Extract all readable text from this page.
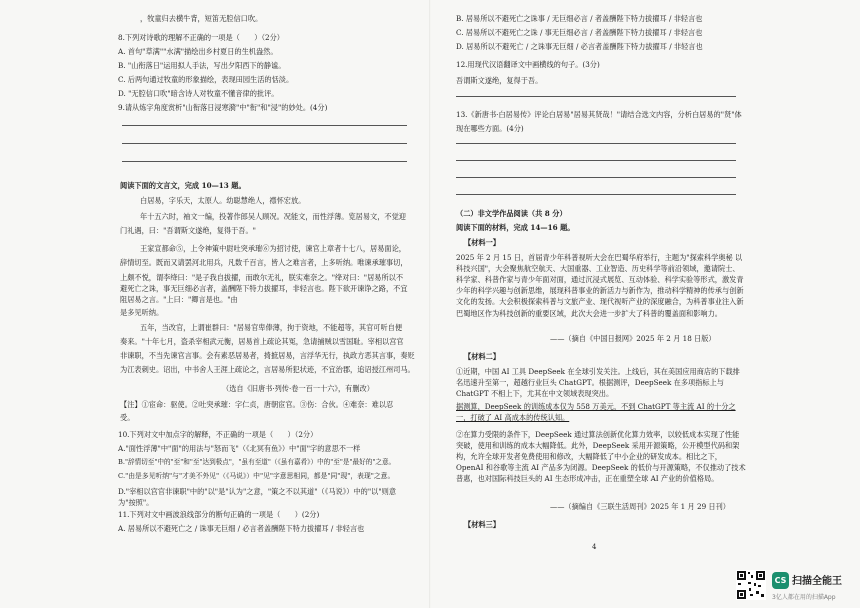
，牧童归去横牛背，短笛无腔信口吹。
8.下列对诗歌的理解不正确的一项是（　　）（2分）
A. 首句"草满""水满"描绘出乡村夏日的生机盎然。
B. "山衔落日"运用拟人手法，写出夕阳西下的静谧。
C. 后两句通过牧童的形象描绘，表现田园生活的恬淡。
D. "无腔信口吹"暗含诗人对牧童不懂音律的批评。
9.请从炼字角度赏析"山衔落日浸寒漪"中"衔"和"浸"的妙处。(4分)
阅读下面的文言文，完成 10—13 题。
白居易，字乐天，太原人。幼聪慧绝人，襟怀宏放。
年十五六时，袖文一编，投著作郎吴人顾况。况能文，而性浮薄。览居易文，不觉迎
门礼遇，曰："吾谓斯文遂绝，复得于吾。"
王家宣都命⑤，上令神策中尉吐突承璀⑥为招讨使，谏官上章者十七八，居易面论，
辞情切至。既而又请罢河北用兵，凡数千百言，皆人之难言者，上多听纳。唯谏承璀事切，
上颇不悦，谓李绛曰："是子我自拔擢，而敢尔无礼，朕实难奈之。"绛对曰："居易所以不避死亡之诛，事无巨细必言者，盖酬陛下特力拔擢耳，非轻言也。陛下欲开谏诤之路，不宜阻居易之言。"上曰："卿言是也。"由
是多见听纳。
五年，当改官，上谓崔群曰："居易官卑俸薄，拘于资地，不能超等，其官可听自便
奏来。"十年七月，盗杀宰相武元衡，居易首上疏论其冤，急请捕贼以雪国耻。宰相以宫官
非谏职，不当先谏官言事。会有素恶居易者，掎摭居易，言浮华无行，执政方恶其言事，奏贬
为江表刺史。诏出，中书舍人王涯上疏论之，言居易所犯状迹，不宜治郡，追诏授江州司马。
（选自《旧唐书·列传·卷一百一十六》，有删改）
【注】①宦命：驱使。②吐突承璀：字仁贞，唐朝宦官。③伤：合伙。④难奈：难以忍
受。
10.下列对文中加点字的解释，不正确的一项是（　　）（2分）
A."面性浮薄"中"面"的用法与"怒而飞"（《北冥有鱼》）中"面"字的意思不一样
B."辞情切至"中的"至"和"至"达到极点"，"虽有至道"（《虽有嘉肴》）中的"至"是"最好的"之意。
C."由是多见听纳"与"才美不外见"（《马说》）中"见"字意思相同，都是"同"现"，表现"之意。
D."宰相以宫官非谏职"中的"以"是"认为"之意，"策之不以其道"（《马说》）中的"以"则意为"按照"。
11.下列对文中画波浪线部分的断句正确的一项是（　　）(2分)
A. 居易所以不避死亡之 / 诛事无巨细 / 必言者盖酬陛下特力拔擢耳 / 非轻言也
B. 居易所以不避死亡之诛事 / 无巨细必言 / 者盖酬陛下特力拔擢耳 / 非轻言也
C. 居易所以不避死亡之诛 / 事无巨细必言 / 者盖酬陛下特力拔擢耳 / 非轻言也
D. 居易所以不避死亡 / 之诛事无巨细 / 必言者盖酬陛下特力拔擢耳 / 非轻言也
12.用现代汉语翻译文中画横线的句子。(3分)
吾谓斯文遂绝，复得于吾。
13.《新唐书·白居易传》评论白居易"居易其贤哉！"请结合选文内容，分析白居易的"贤"体
现在哪些方面。(4分)
（二）非文学作品阅读（共 8 分）
阅读下面的材料，完成 14—16 题。
【材料一】
2025 年 2 月 15 日，首届青少年科普视听大会在巴蜀华府举行，主题为"探索科学奥秘 以科技兴国"，大会聚焦航空航天、大国重器、工业智造、历史科学等前沿领域，邀请院士、科学家、科普作家与青少年面对面，通过沉浸式展览、互动体验、科学实验等形式，激发青少年的科学兴趣与创新思维，展现科普事业的新活力与新作为，推动科学精神的传承与创新文化的发扬。大会积极探索科普与文旅产业、现代视听产业的深度融合，为科普事业注入新
巴蜀地区作为科技创新的重要区域，此次大会进一步扩大了科普的覆盖面和影响力。
——（摘自《中国日报网》2025 年 2 月 18 日版）
【材料二】
①近期，中国 AI 工具 DeepSeek 在全球引发关注。上线后，其在美国应用商店的下载排名迅速升至第一，超越行业巨头 ChatGPT。根据测评，DeepSeek 在多项指标上与 ChatGPT 不相上下，尤其在中文领域表现突出。
据测算，DeepSeek 的训练成本仅为 558 万美元，不到 ChatGPT 等主流 AI 的十分之一，打破了 AI 高成本的传统认知。
②在算力受限的条件下，DeepSeek 通过算法创新优化算力效率，以较低成本实现了性能突破，使用和训练的成本大幅降低。此外，DeepSeek 采用开源策略，公开模型代码和架构，允许全球开发者免费使用和修改，大幅降低了中小企业的研发成本。相比之下，OpenAI 和谷歌等主流 AI 产品多为闭源。DeepSeek 的低价与开源策略，不仅推动了技术普惠，也对国际科技巨头的 AI 生态形成冲击，正在重塑全球 AI 产业的价值格局。
——（摘编自《三联生活周刊》2025 年 1 月 29 日刊）
【材料三】
4
CS 扫描全能王
3亿人都在用的扫描App
